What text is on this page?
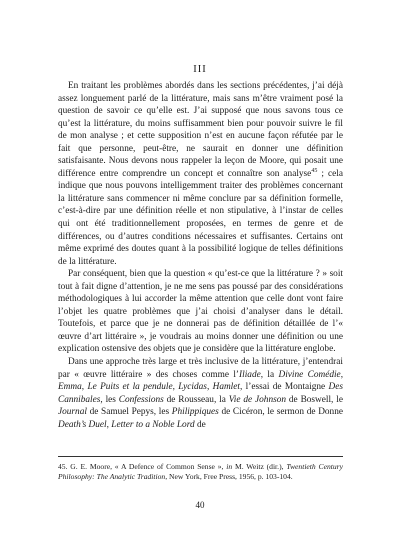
III

En traitant les problèmes abordés dans les sections précédentes, j’ai déjà assez longuement parlé de la littérature, mais sans m’être vraiment posé la question de savoir ce qu’elle est. J’ai supposé que nous savons tous ce qu’est la littérature, du moins suffisamment bien pour pouvoir suivre le fil de mon analyse ; et cette supposition n’est en aucune façon réfutée par le fait que personne, peut-être, ne saurait en donner une définition satisfaisante. Nous devons nous rappeler la leçon de Moore, qui posait une différence entre comprendre un concept et connaître son analyse$^{45}$ ; cela indique que nous pouvons intelligemment traiter des problèmes concernant la littérature sans commencer ni même conclure par sa définition formelle, c’est-à-dire par une définition réelle et non stipulative, à l’instar de celles qui ont été traditionnellement proposées, en termes de genre et de différences, ou d’autres conditions nécessaires et suffisantes. Certains ont même exprimé des doutes quant à la possibilité logique de telles définitions de la littérature.

Par conséquent, bien que la question « qu’est-ce que la littérature ? » soit tout à fait digne d’attention, je ne me sens pas poussé par des considérations méthodologiques à lui accorder la même attention que celle dont vont faire l’objet les quatre problèmes que j’ai choisi d’analyser dans le détail. Toutefois, et parce que je ne donnerai pas de définition détaillée de l’« œuvre d’art littéraire », je voudrais au moins donner une définition ou une explication ostensive des objets que je considère que la littérature englobe.

Dans une approche très large et très inclusive de la littérature, j’entendrai par « œuvre littéraire » des choses comme l’Iliade, la Divine Comédie, Emma, Le Puits et la pendule, Lycidas, Hamlet, l’essai de Montaigne Des Cannibales, les Confessions de Rousseau, la Vie de Johnson de Boswell, le Journal de Samuel Pepys, les Philippiques de Cicéron, le sermon de Donne Death’s Duel, Letter to a Noble Lord de

45. G. E. Moore, « A Defence of Common Sense », in M. Weitz (dir.), Twentieth Century Philosophy: The Analytic Tradition, New York, Free Press, 1956, p. 103-104.
40
